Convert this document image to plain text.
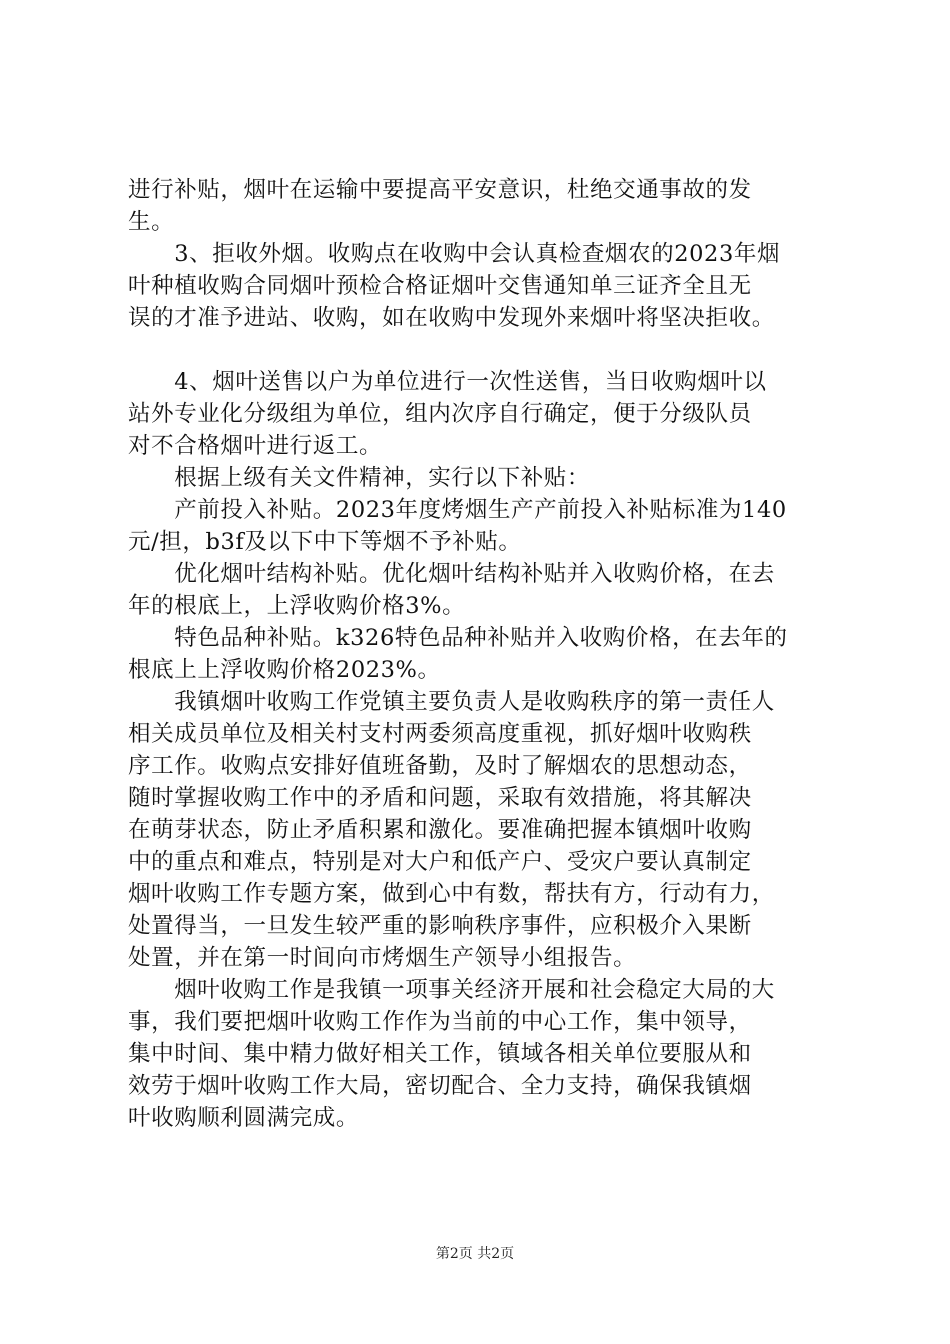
进行补贴，烟叶在运输中要提高平安意识，杜绝交通事故的发
生。
　　3、拒收外烟。收购点在收购中会认真检查烟农的2023年烟
叶种植收购合同烟叶预检合格证烟叶交售通知单三证齐全且无
误的才准予进站、收购，如在收购中发现外来烟叶将坚决拒收。
　　4、烟叶送售以户为单位进行一次性送售，当日收购烟叶以
站外专业化分级组为单位，组内次序自行确定，便于分级队员
对不合格烟叶进行返工。
　　根据上级有关文件精神，实行以下补贴：
　　产前投入补贴。2023年度烤烟生产产前投入补贴标准为140
元/担，b3f及以下中下等烟不予补贴。
　　优化烟叶结构补贴。优化烟叶结构补贴并入收购价格，在去
年的根底上，上浮收购价格3%。
　　特色品种补贴。k326特色品种补贴并入收购价格，在去年的
根底上上浮收购价格2023%。
　　我镇烟叶收购工作党镇主要负责人是收购秩序的第一责任人
相关成员单位及相关村支村两委须高度重视，抓好烟叶收购秩
序工作。收购点安排好值班备勤，及时了解烟农的思想动态，
随时掌握收购工作中的矛盾和问题，采取有效措施，将其解决
在萌芽状态，防止矛盾积累和激化。要准确把握本镇烟叶收购
中的重点和难点，特别是对大户和低产户、受灾户要认真制定
烟叶收购工作专题方案，做到心中有数，帮扶有方，行动有力，
处置得当，一旦发生较严重的影响秩序事件，应积极介入果断
处置，并在第一时间向市烤烟生产领导小组报告。
　　烟叶收购工作是我镇一项事关经济开展和社会稳定大局的大
事，我们要把烟叶收购工作作为当前的中心工作，集中领导，
集中时间、集中精力做好相关工作，镇域各相关单位要服从和
效劳于烟叶收购工作大局，密切配合、全力支持，确保我镇烟
叶收购顺利圆满完成。
第2页 共2页
